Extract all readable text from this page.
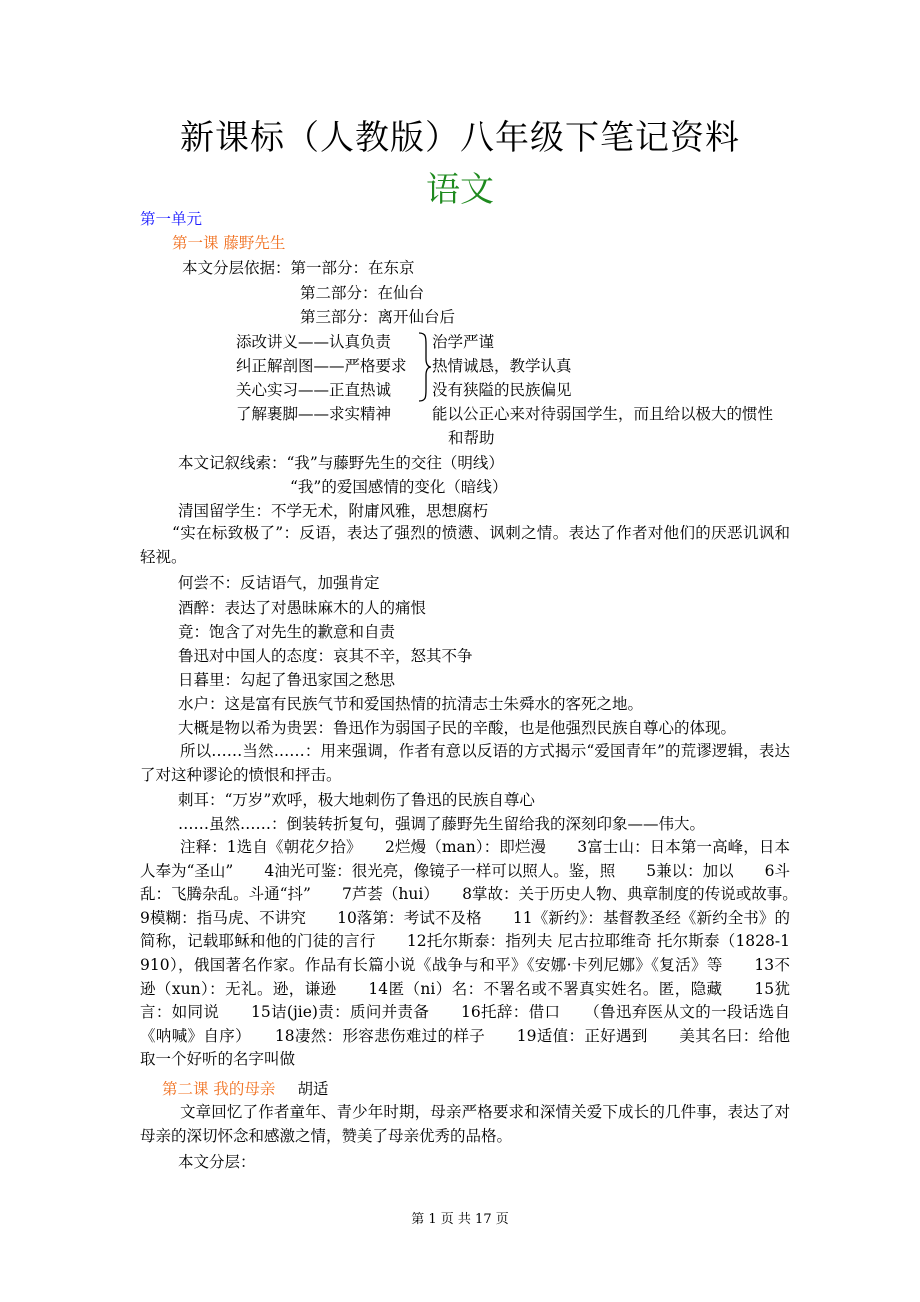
新课标（人教版）八年级下笔记资料
语文
第一单元
第一课 藤野先生
本文分层依据：第一部分：在东京
第二部分：在仙台
第三部分：离开仙台后
添改讲义——认真负责
纠正解剖图——严格要求
关心实习——正直热诚
了解裹脚——求实精神
治学严谨
热情诚恳，教学认真
没有狭隘的民族偏见
能以公正心来对待弱国学生，而且给以极大的惯性
和帮助
本文记叙线索：“我”与藤野先生的交往（明线）
“我”的爱国感情的变化（暗线）
清国留学生：不学无术，附庸风雅，思想腐朽
“实在标致极了”：反语，表达了强烈的愤懑、讽刺之情。表达了作者对他们的厌恶讥讽和轻视。
何尝不：反诘语气，加强肯定
酒醉：表达了对愚昧麻木的人的痛恨
竟：饱含了对先生的歉意和自责
鲁迅对中国人的态度：哀其不辛，怒其不争
日暮里：勾起了鲁迅家国之愁思
水户：这是富有民族气节和爱国热情的抗清志士朱舜水的客死之地。
大概是物以希为贵罢：鲁迅作为弱国子民的辛酸，也是他强烈民族自尊心的体现。
所以……当然……：用来强调，作者有意以反语的方式揭示“爱国青年”的荒谬逻辑，表达了对这种谬论的愤恨和抨击。
刺耳：“万岁”欢呼，极大地刺伤了鲁迅的民族自尊心
……虽然……：倒装转折复句，强调了藤野先生留给我的深刻印象——伟大。
注释：1选自《朝花夕拾》　　2烂熳（man）：即烂漫　　3富士山：日本第一高峰，日本人奉为“圣山”　　4油光可鉴：很光亮，像镜子一样可以照人。鉴，照　　5兼以：加以　　6斗乱：飞腾杂乱。斗通“抖”　　7芦荟（hui）　　8掌故：关于历史人物、典章制度的传说或故事。　　9模糊：指马虎、不讲究　　10落第：考试不及格　　11《新约》：基督教圣经《新约全书》的简称，记载耶稣和他的门徒的言行　　12托尔斯泰：指列夫 尼古拉耶维奇 托尔斯泰（1828-1910），俄国著名作家。作品有长篇小说《战争与和平》《安娜·卡列尼娜》《复活》等　　13不逊（xun）：无礼。逊，谦逊　　14匿（ni）名：不署名或不署真实姓名。匿，隐藏　　15犹言：如同说　　15诘(jie)责：质问并责备　　16托辞：借口　　（鲁迅弃医从文的一段话选自《呐喊》自序）　　18凄然：形容悲伤难过的样子　　19适值：正好遇到　　美其名曰：给他取一个好听的名字叫做
第二课 我的母亲 胡适
文章回忆了作者童年、青少年时期，母亲严格要求和深情关爱下成长的几件事，表达了对母亲的深切怀念和感激之情，赞美了母亲优秀的品格。
本文分层：
第 1 页 共 17 页
